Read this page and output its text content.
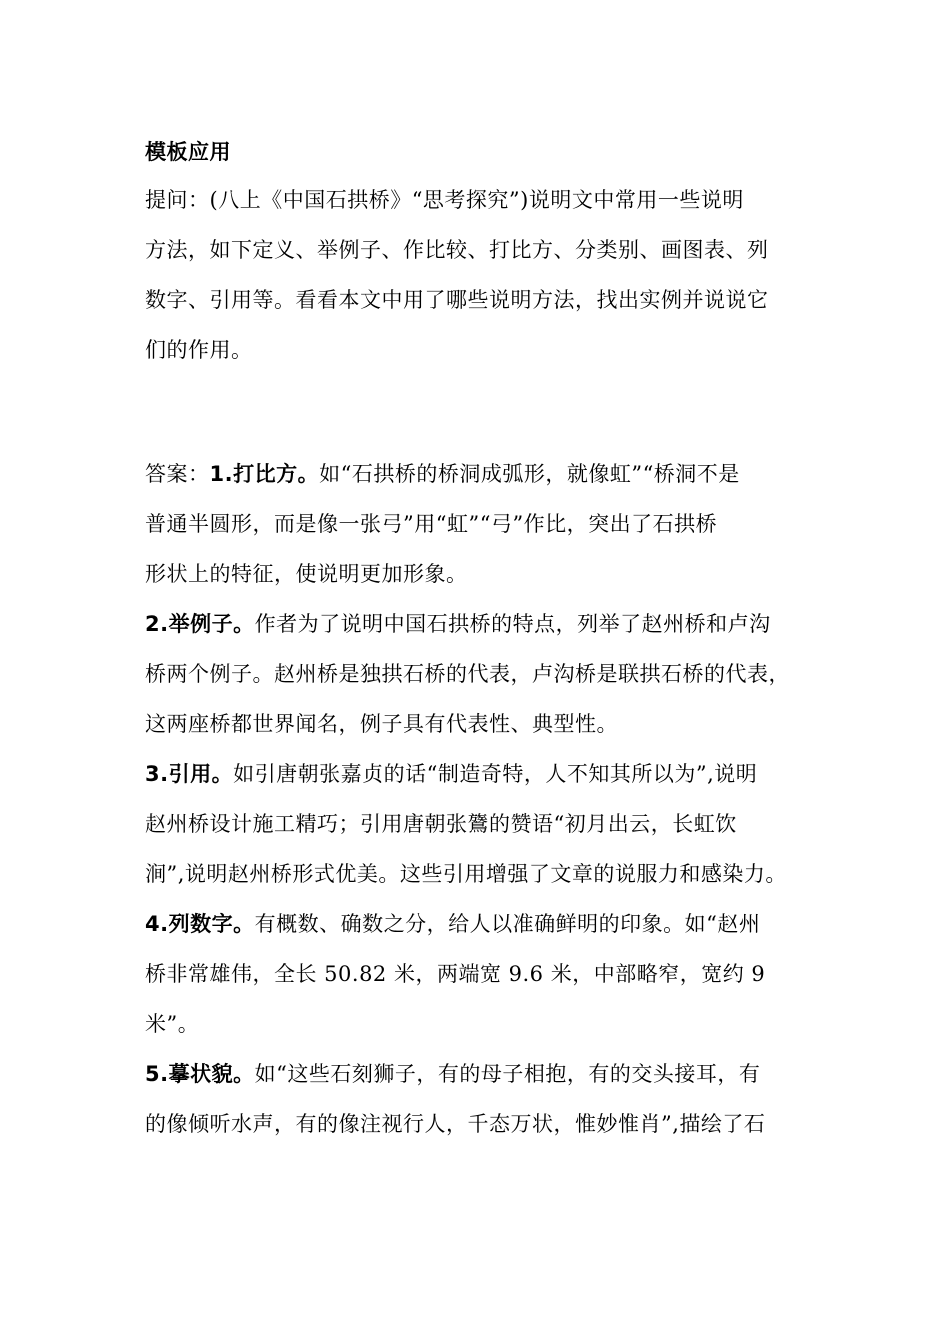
模板应用
提问：(八上《中国石拱桥》“思考探究”)说明文中常用一些说明
方法，如下定义、举例子、作比较、打比方、分类别、画图表、列
数字、引用等。看看本文中用了哪些说明方法，找出实例并说说它
们的作用。
答案：1.打比方。如“石拱桥的桥洞成弧形，就像虹”“桥洞不是
普通半圆形，而是像一张弓”用“虹”“弓”作比，突出了石拱桥
形状上的特征，使说明更加形象。
2.举例子。作者为了说明中国石拱桥的特点，列举了赵州桥和卢沟
桥两个例子。赵州桥是独拱石桥的代表，卢沟桥是联拱石桥的代表，
这两座桥都世界闻名，例子具有代表性、典型性。
3.引用。如引唐朝张嘉贞的话“制造奇特，人不知其所以为”,说明
赵州桥设计施工精巧；引用唐朝张鷟的赞语“初月出云，长虹饮
涧”,说明赵州桥形式优美。这些引用增强了文章的说服力和感染力。
4.列数字。有概数、确数之分，给人以准确鲜明的印象。如“赵州
桥非常雄伟，全长 50.82 米，两端宽 9.6 米，中部略窄，宽约 9
米”。
5.摹状貌。如“这些石刻狮子，有的母子相抱，有的交头接耳，有
的像倾听水声，有的像注视行人，千态万状，惟妙惟肖”,描绘了石
